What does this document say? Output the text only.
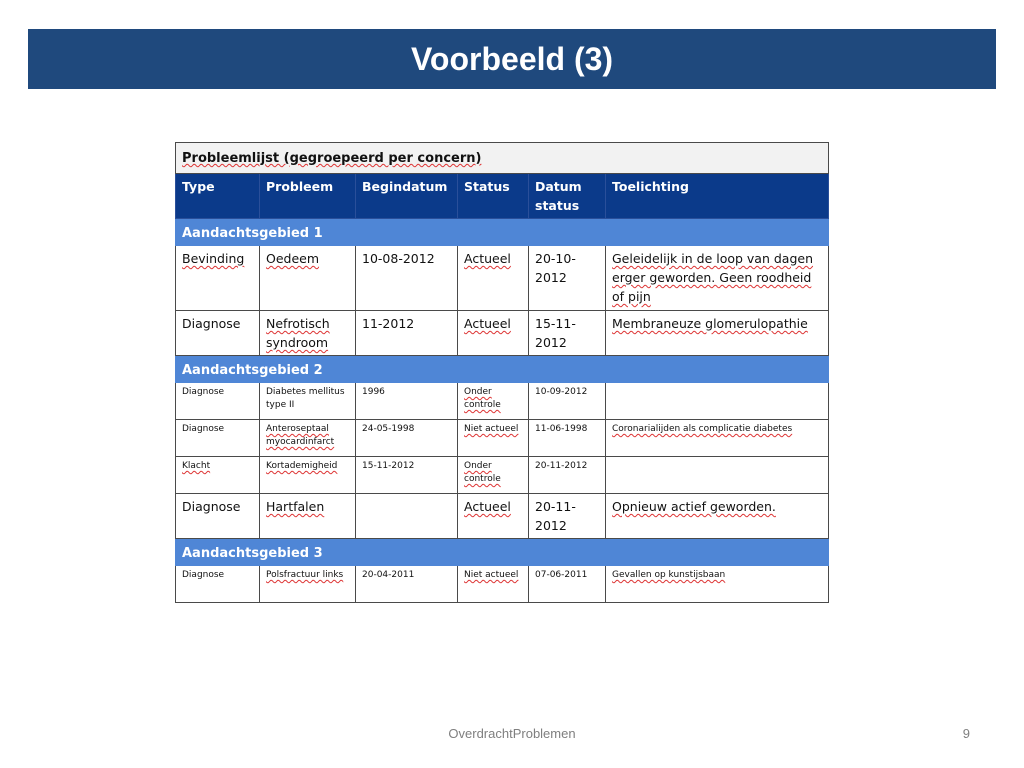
Voorbeeld (3)
Probleemlijst (gegroepeerd per concern)					
Type	Probleem	Begindatum	Status	Datum status	Toelichting
Aandachtsgebied 1					
Bevinding	Oedeem	10-08-2012	Actueel	20-10-2012	Geleidelijk in de loop van dagen erger geworden. Geen roodheid of pijn
Diagnose	Nefrotisch syndroom	11-2012	Actueel	15-11-2012	Membraneuze glomerulopathie
Aandachtsgebied 2					
Diagnose	Diabetes mellitus type II	1996	Onder controle	10-09-2012	
Diagnose	Anteroseptaal myocardinfarct	24-05-1998	Niet actueel	11-06-1998	Coronarialijden als complicatie diabetes
Klacht	Kortademigheid	15-11-2012	Onder controle	20-11-2012	
Diagnose	Hartfalen		Actueel	20-11-2012	Opnieuw actief geworden.
Aandachtsgebied 3					
Diagnose	Polsfractuur links	20-04-2011	Niet actueel	07-06-2011	Gevallen op kunstijsbaan
OverdrachtProblemen	9
